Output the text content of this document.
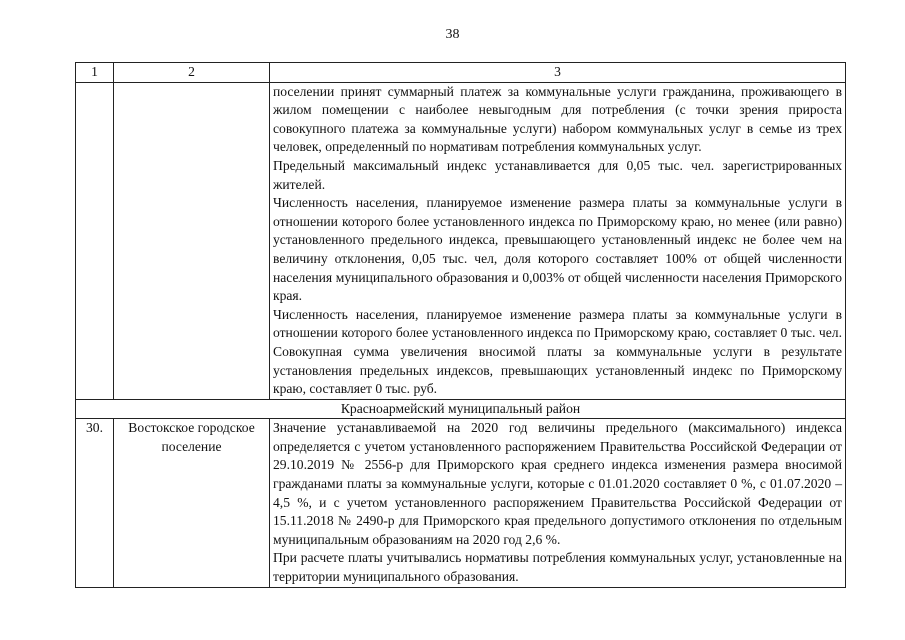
38
1	2	3

		поселении принят суммарный платеж за коммунальные услуги гражданина, проживающего в жилом помещении с наиболее невыгодным для потребления (с точки зрения прироста совокупного платежа за коммунальные услуги) набором коммунальных услуг в семье из трех человек, определенный по нормативам потребления коммунальных услуг.
Предельный максимальный индекс устанавливается для 0,05 тыс. чел. зарегистрированных жителей.
Численность населения, планируемое изменение размера платы за коммунальные услуги в отношении которого более установленного индекса по Приморскому краю, но менее (или равно) установленного предельного индекса, превышающего установленный индекс не более чем на величину отклонения, 0,05 тыс. чел, доля которого составляет 100% от общей численности населения муниципального образования и 0,003% от общей численности населения Приморского края.
Численность населения, планируемое изменение размера платы за коммунальные услуги в отношении которого более установленного индекса по Приморскому краю, составляет 0 тыс. чел. Совокупная сумма увеличения вносимой платы за коммунальные услуги в результате установления предельных индексов, превышающих установленный индекс по Приморскому краю, составляет 0 тыс. руб.

Красноармейский муниципальный район		
30.	Востокское городское поселение	Значение устанавливаемой на 2020 год величины предельного (максимального) индекса определяется с учетом установленного распоряжением Правительства Российской Федерации от 29.10.2019 № 2556-р для Приморского края среднего индекса изменения размера вносимой гражданами платы за коммунальные услуги, которые с 01.01.2020 составляет 0 %, с 01.07.2020 – 4,5 %, и с учетом установленного распоряжением Правительства Российской Федерации от 15.11.2018 № 2490-р для Приморского края предельного допустимого отклонения по отдельным муниципальным образованиям на 2020 год 2,6 %.
При расчете платы учитывались нормативы потребления коммунальных услуг, установленные на территории муниципального образования.
